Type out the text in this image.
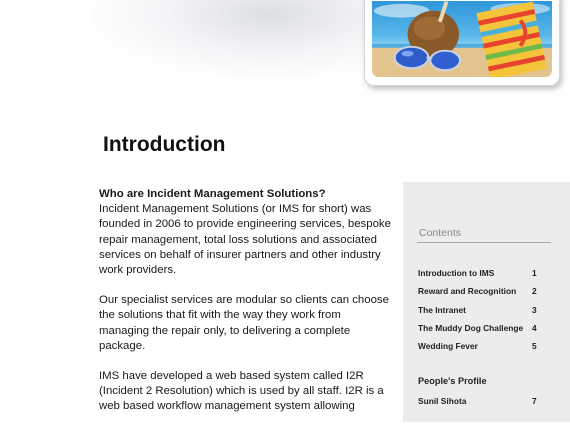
Introduction

Who are Incident Management Solutions?
Incident Management Solutions (or IMS for short) was founded in 2006 to provide engineering services, bespoke repair management, total loss solutions and associated services on behalf of insurer partners and other industry work providers.

Our specialist services are modular so clients can choose the solutions that fit with the way they work from managing the repair only, to delivering a complete package.

IMS have developed a web based system called I2R (Incident 2 Resolution) which is used by all staff. I2R is a web based workflow management system allowing

Contents
Introduction to IMS	1
Reward and Recognition 2
The Intranet	3
The Muddy Dog Challenge 4
Wedding Fever	5
People's Profile
Sunil Sihota	7
